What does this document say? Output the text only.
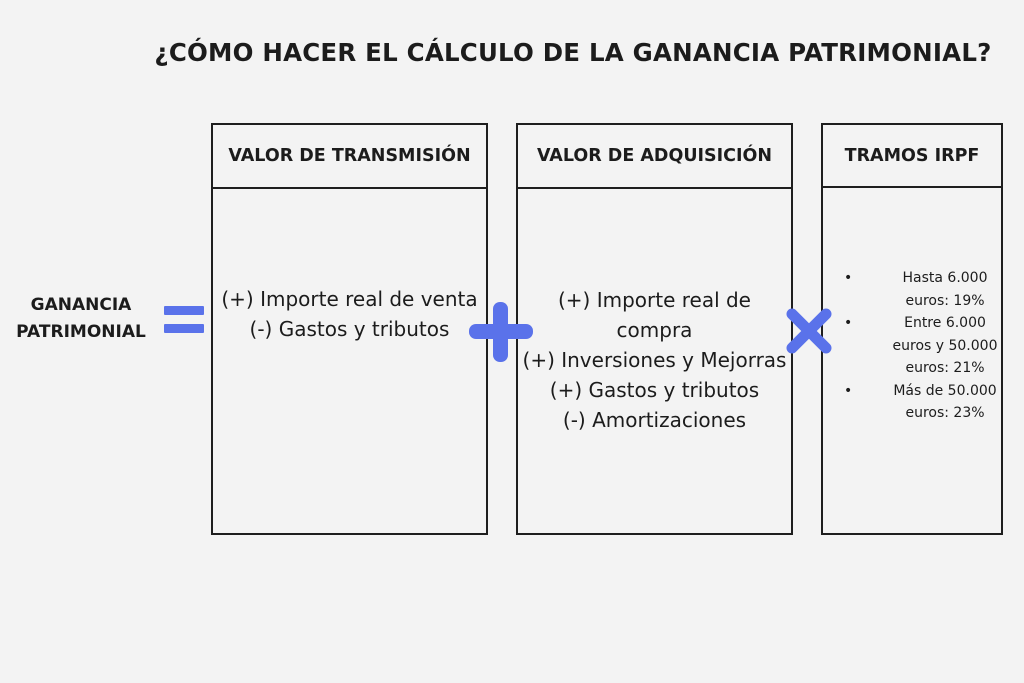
¿CÓMO HACER EL CÁLCULO DE LA GANANCIA PATRIMONIAL?
GANANCIA
PATRIMONIAL
VALOR DE TRANSMISIÓN
(+) Importe real de venta
(-) Gastos y tributos
VALOR DE ADQUISICIÓN
(+) Importe real de
compra
(+) Inversiones y Mejorras
(+) Gastos y tributos
(-) Amortizaciones
TRAMOS IRPF
• Hasta 6.000
euros: 19%
• Entre 6.000
euros y 50.000
euros: 21%
• Más de 50.000
euros: 23%
